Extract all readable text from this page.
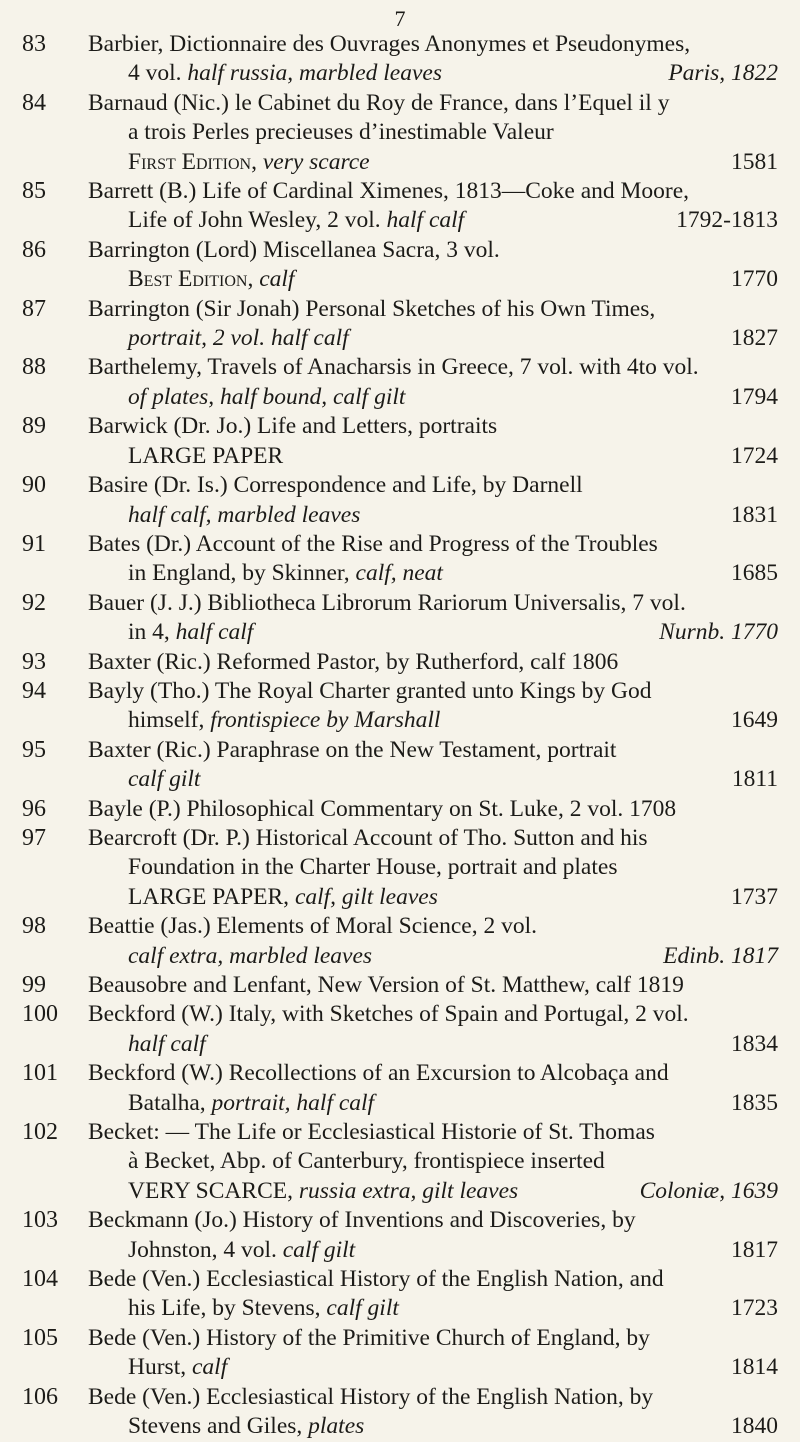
7
83	Barbier, Dictionnaire des Ouvrages Anonymes et Pseudonymes,
4 vol. half russia, marbled leaves	Paris, 1822
84	Barnaud (Nic.) le Cabinet du Roy de France, dans l’Equel il y
a trois Perles precieuses d’inestimable Valeur
First Edition, very scarce	1581
85	Barrett (B.) Life of Cardinal Ximenes, 1813—Coke and Moore,
Life of John Wesley, 2 vol. half calf	1792-1813
86	Barrington (Lord) Miscellanea Sacra, 3 vol.
Best Edition, calf	1770
87	Barrington (Sir Jonah) Personal Sketches of his Own Times,
portrait, 2 vol. half calf	1827
88	Barthelemy, Travels of Anacharsis in Greece, 7 vol. with 4to vol.
of plates, half bound, calf gilt	1794
89	Barwick (Dr. Jo.) Life and Letters, portraits
LARGE PAPER	1724
90	Basire (Dr. Is.) Correspondence and Life, by Darnell
half calf, marbled leaves	1831
91	Bates (Dr.) Account of the Rise and Progress of the Troubles
in England, by Skinner, calf, neat	1685
92	Bauer (J. J.) Bibliotheca Librorum Rariorum Universalis, 7 vol.
in 4, half calf	Nurnb. 1770
93	Baxter (Ric.) Reformed Pastor, by Rutherford, calf 1806
94	Bayly (Tho.) The Royal Charter granted unto Kings by God
himself, frontispiece by Marshall	1649
95	Baxter (Ric.) Paraphrase on the New Testament, portrait
calf gilt	1811
96	Bayle (P.) Philosophical Commentary on St. Luke, 2 vol. 1708
97	Bearcroft (Dr. P.) Historical Account of Tho. Sutton and his
Foundation in the Charter House, portrait and plates
LARGE PAPER, calf, gilt leaves	1737
98	Beattie (Jas.) Elements of Moral Science, 2 vol.
calf extra, marbled leaves	Edinb. 1817
99	Beausobre and Lenfant, New Version of St. Matthew, calf 1819
100	Beckford (W.) Italy, with Sketches of Spain and Portugal, 2 vol.
half calf	1834
101	Beckford (W.) Recollections of an Excursion to Alcobaça and
Batalha, portrait, half calf	1835
102	Becket: — The Life or Ecclesiastical Historie of St. Thomas
à Becket, Abp. of Canterbury, frontispiece inserted
VERY SCARCE, russia extra, gilt leaves	Coloniæ, 1639
103	Beckmann (Jo.) History of Inventions and Discoveries, by
Johnston, 4 vol. calf gilt	1817
104	Bede (Ven.) Ecclesiastical History of the English Nation, and
his Life, by Stevens, calf gilt	1723
105	Bede (Ven.) History of the Primitive Church of England, by
Hurst, calf	1814
106	Bede (Ven.) Ecclesiastical History of the English Nation, by
Stevens and Giles, plates	1840
